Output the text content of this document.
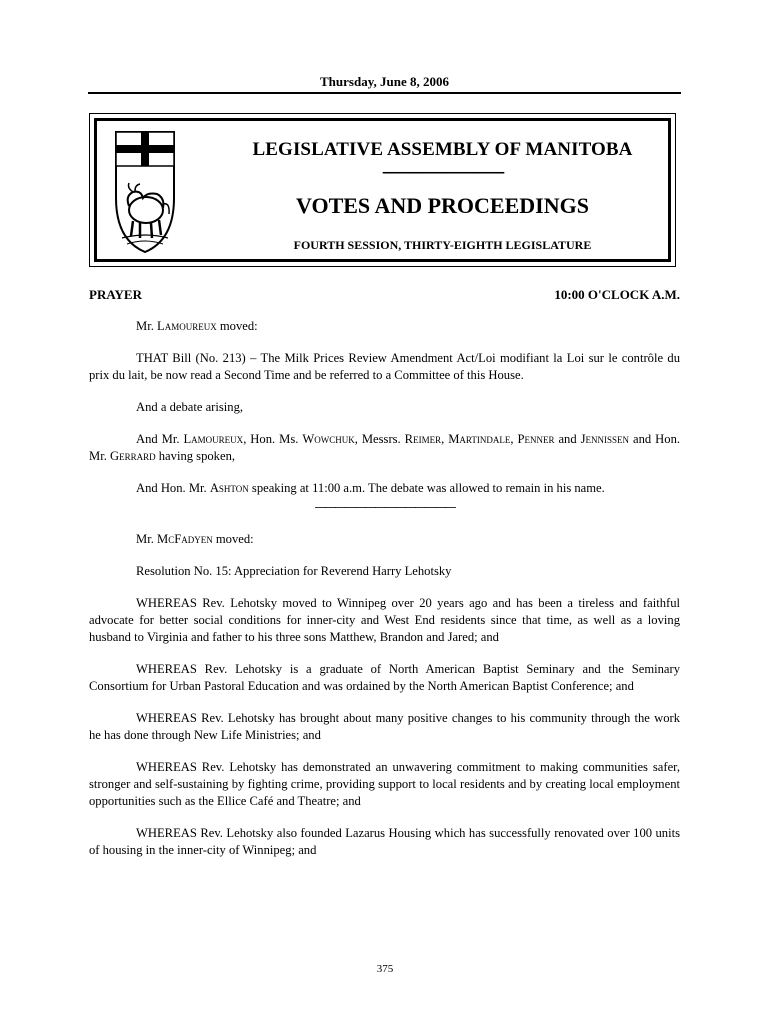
Thursday, June 8, 2006
LEGISLATIVE ASSEMBLY OF MANITOBA
———————————
VOTES AND PROCEEDINGS
FOURTH SESSION, THIRTY-EIGHTH LEGISLATURE
PRAYER	10:00 O'CLOCK A.M.

Mr. Lamoureux moved:

THAT Bill (No. 213) – The Milk Prices Review Amendment Act/Loi modifiant la Loi sur le contrôle du prix du lait, be now read a Second Time and be referred to a Committee of this House.

And a debate arising,

And Mr. Lamoureux, Hon. Ms. Wowchuk, Messrs. Reimer, Martindale, Penner and Jennissen and Hon. Mr. Gerrard having spoken,

And Hon. Mr. Ashton speaking at 11:00 a.m. The debate was allowed to remain in his name.

——————————————

Mr. McFadyen moved:

Resolution No. 15: Appreciation for Reverend Harry Lehotsky

WHEREAS Rev. Lehotsky moved to Winnipeg over 20 years ago and has been a tireless and faithful advocate for better social conditions for inner-city and West End residents since that time, as well as a loving husband to Virginia and father to his three sons Matthew, Brandon and Jared; and

WHEREAS Rev. Lehotsky is a graduate of North American Baptist Seminary and the Seminary Consortium for Urban Pastoral Education and was ordained by the North American Baptist Conference; and

WHEREAS Rev. Lehotsky has brought about many positive changes to his community through the work he has done through New Life Ministries; and

WHEREAS Rev. Lehotsky has demonstrated an unwavering commitment to making communities safer, stronger and self-sustaining by fighting crime, providing support to local residents and by creating local employment opportunities such as the Ellice Café and Theatre; and

WHEREAS Rev. Lehotsky also founded Lazarus Housing which has successfully renovated over 100 units of housing in the inner-city of Winnipeg; and

375
